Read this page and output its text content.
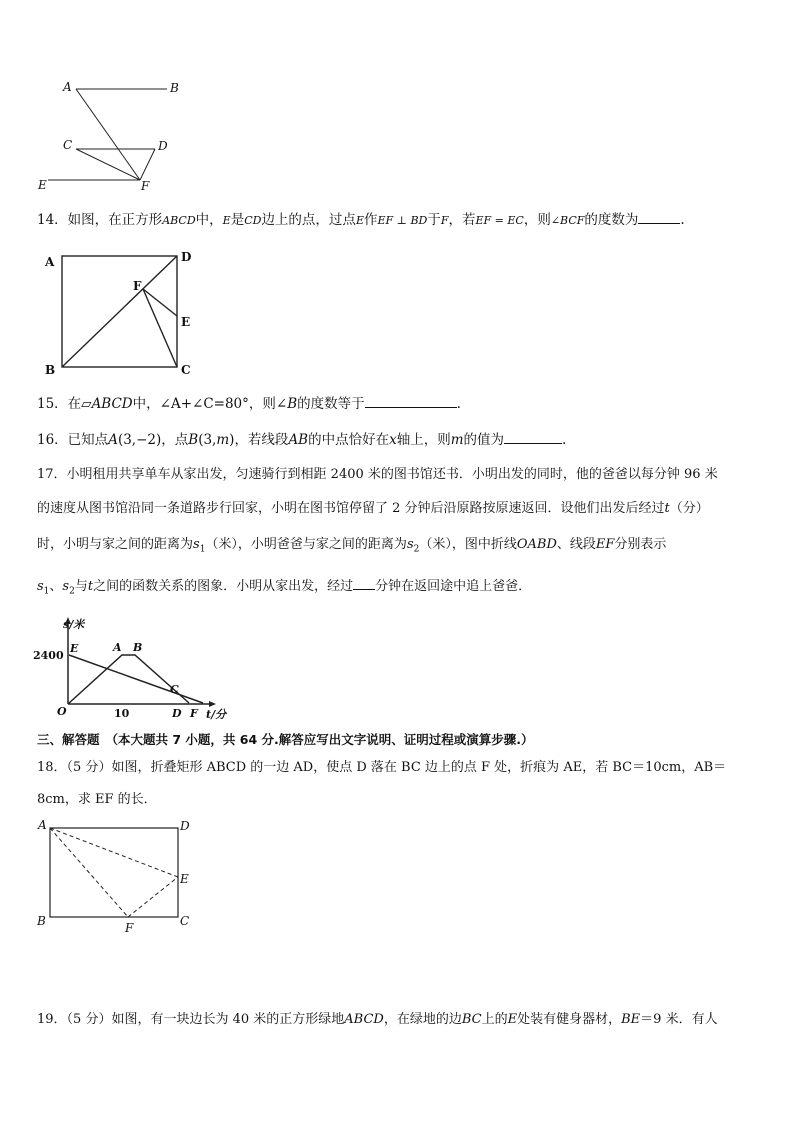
A	B
C	D
E	F
14．如图，在正方形ABCD中，E是CD边上的点，过点E作EF ⊥ BD于F，若EF = EC，则∠BCF的度数为	.
A	D
F
E
B	C
15．在▱ABCD中，∠A+∠C=80°，则∠B的度数等于	.
16．已知点A(3,−2)，点B(3,m)，若线段AB的中点恰好在x轴上，则m的值为	.
17．小明租用共享单车从家出发，匀速骑行到相距 2400 米的图书馆还书．小明出发的同时，他的爸爸以每分钟 96 米
的速度从图书馆沿同一条道路步行回家，小明在图书馆停留了 2 分钟后沿原路按原速返回．设他们出发后经过t（分）
时，小明与家之间的距离为$s_1$（米），小明爸爸与家之间的距离为$s_2$（米），图中折线OABD、线段EF分别表示
$s_1$、$s_2$与t之间的函数关系的图象．小明从家出发，经过 分钟在返回途中追上爸爸．
s/米
t/分
E	A B
C
O	D F
2400
10
三、解答题 （本大题共 7 小题，共 64 分.解答应写出文字说明、证明过程或演算步骤.）
18．（5 分）如图，折叠矩形 ABCD 的一边 AD，使点 D 落在 BC 边上的点 F 处，折痕为 AE，若 BC＝10cm，AB＝
8cm，求 EF 的长．
A	D
E
B	F	C
19．（5 分）如图，有一块边长为 40 米的正方形绿地ABCD，在绿地的边BC上的E处装有健身器材，BE＝9 米．有人
